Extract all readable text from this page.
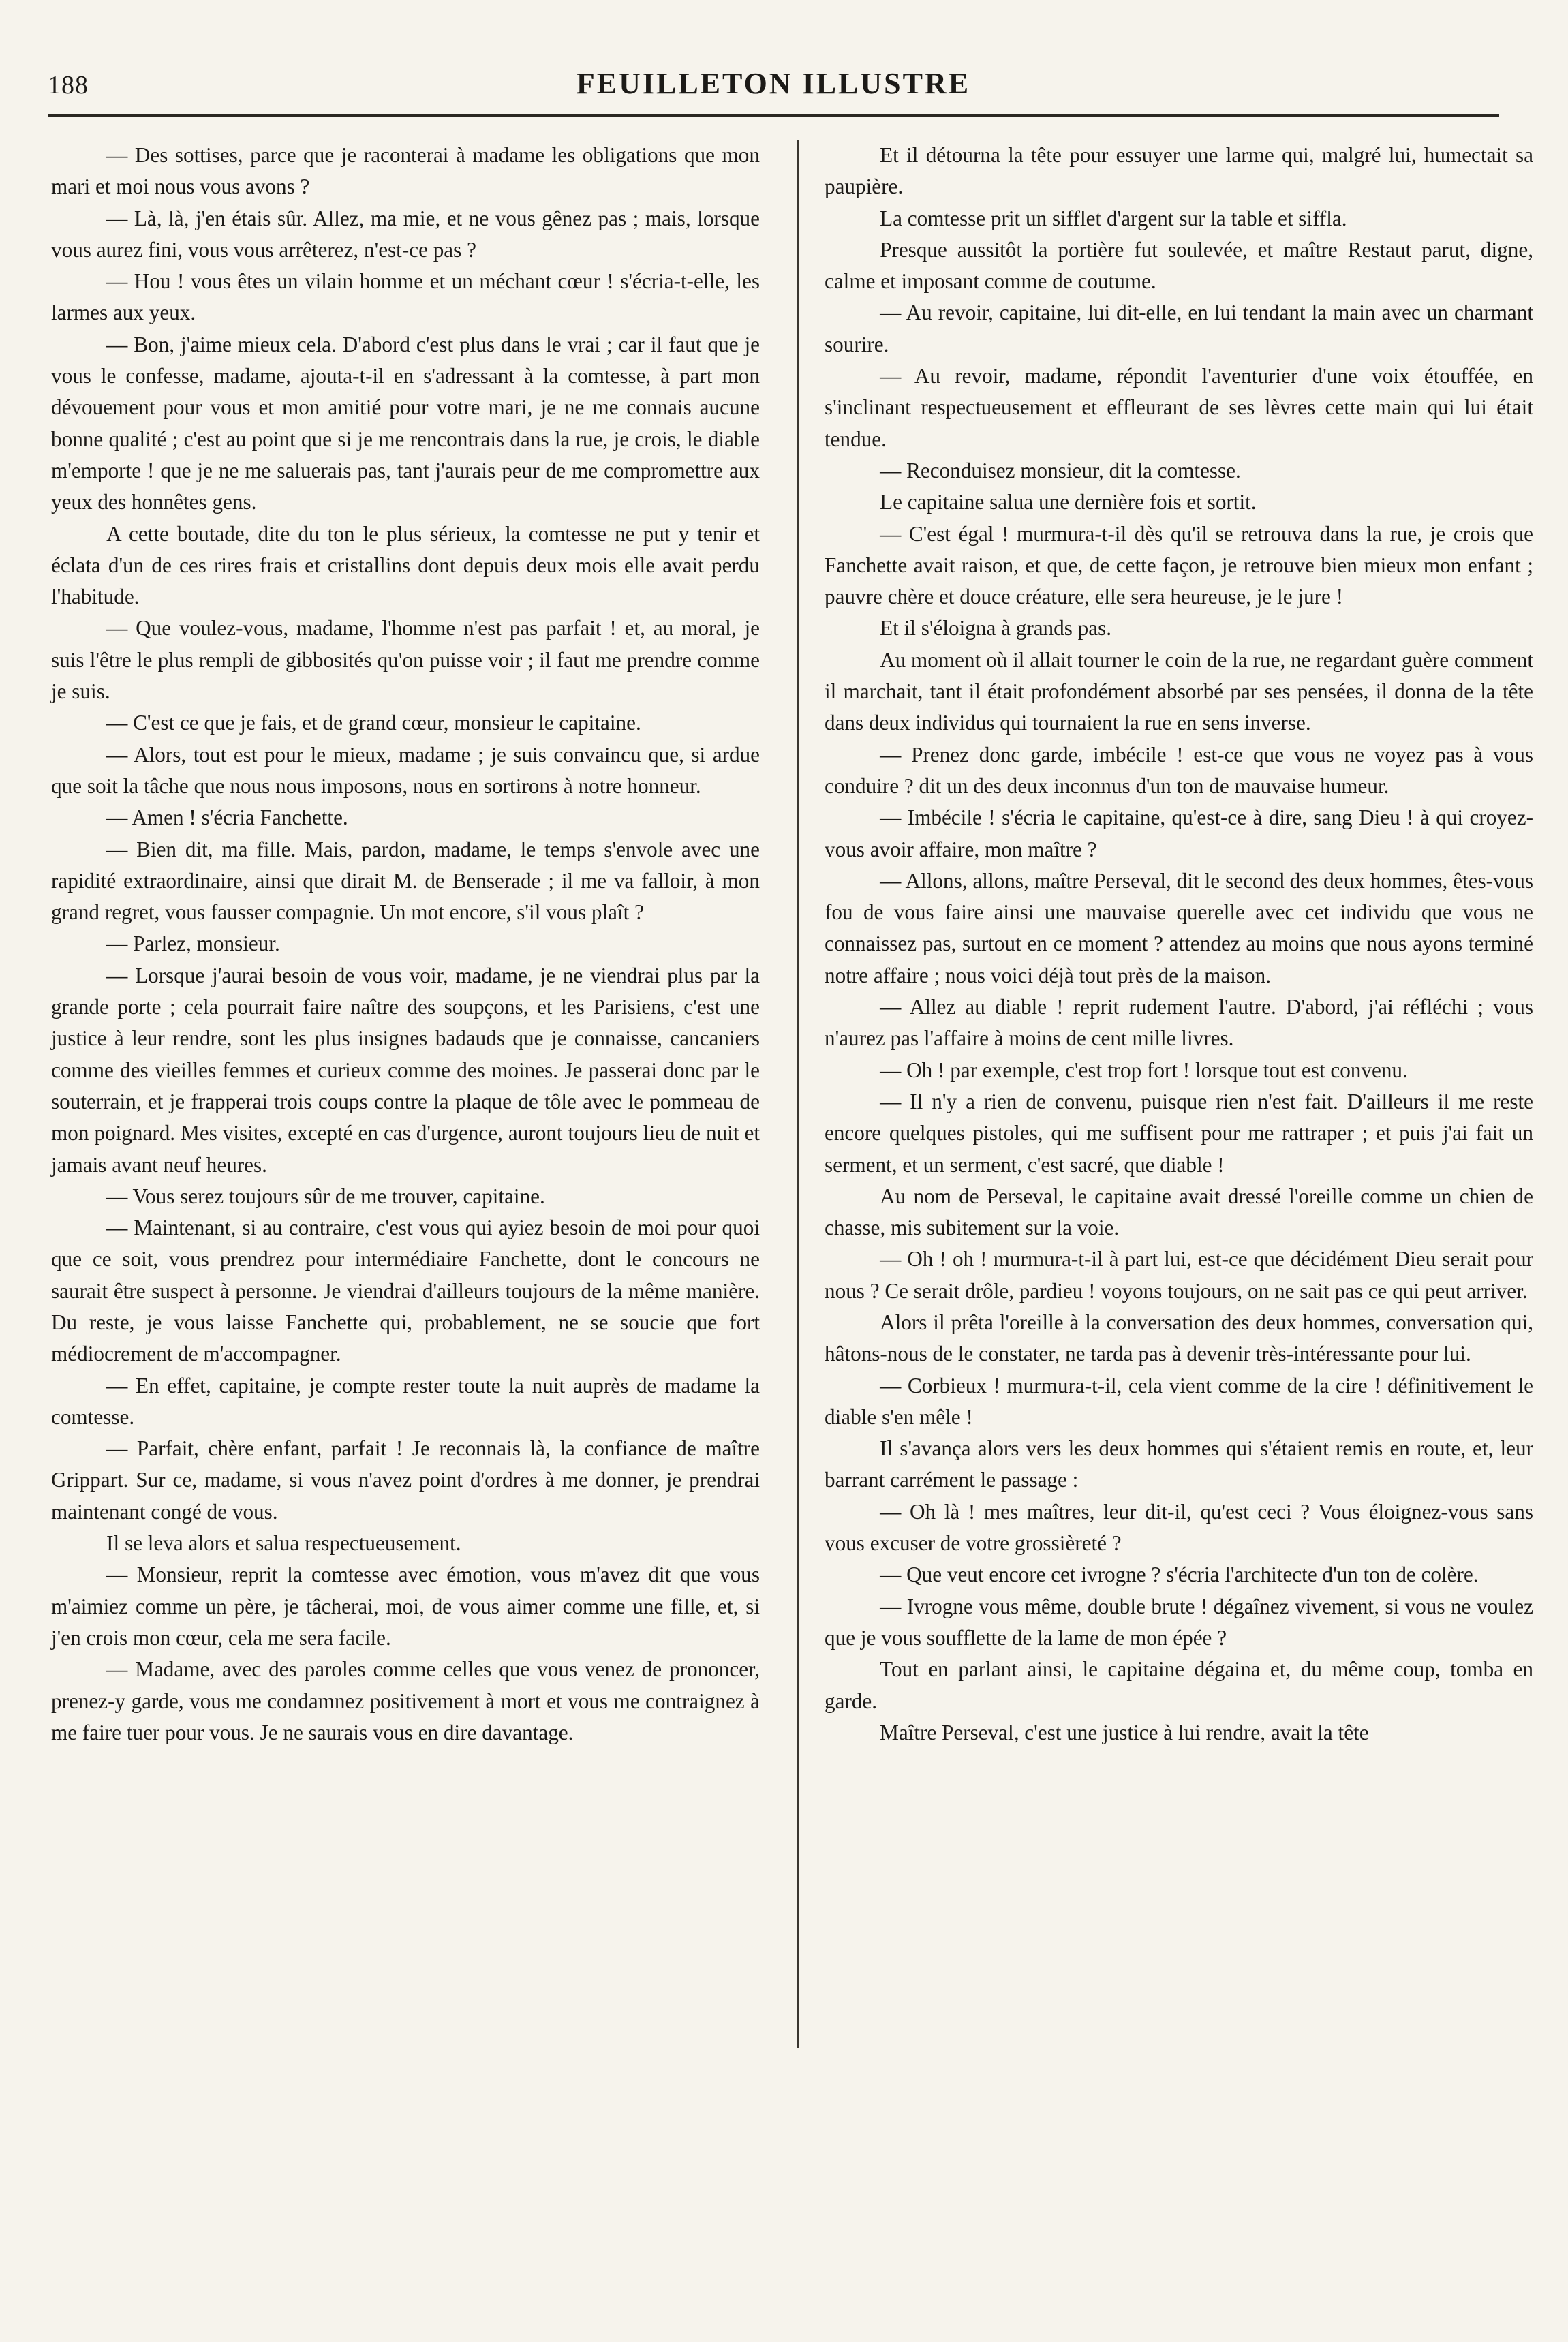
188	FEUILLETON ILLUSTRE

— Des sottises, parce que je raconterai à madame les obligations que mon mari et moi nous vous avons ?

— Là, là, j'en étais sûr. Allez, ma mie, et ne vous gênez pas ; mais, lorsque vous aurez fini, vous vous arrêterez, n'est-ce pas ?

— Hou ! vous êtes un vilain homme et un méchant cœur ! s'écria-t-elle, les larmes aux yeux.

— Bon, j'aime mieux cela. D'abord c'est plus dans le vrai ; car il faut que je vous le confesse, madame, ajouta-t-il en s'adressant à la comtesse, à part mon dévouement pour vous et mon amitié pour votre mari, je ne me connais aucune bonne qualité ; c'est au point que si je me rencontrais dans la rue, je crois, le diable m'emporte ! que je ne me saluerais pas, tant j'aurais peur de me compromettre aux yeux des honnêtes gens.

A cette boutade, dite du ton le plus sérieux, la comtesse ne put y tenir et éclata d'un de ces rires frais et cristallins dont depuis deux mois elle avait perdu l'habitude.

— Que voulez-vous, madame, l'homme n'est pas parfait ! et, au moral, je suis l'être le plus rempli de gibbosités qu'on puisse voir ; il faut me prendre comme je suis.

— C'est ce que je fais, et de grand cœur, monsieur le capitaine.

— Alors, tout est pour le mieux, madame ; je suis convaincu que, si ardue que soit la tâche que nous nous imposons, nous en sortirons à notre honneur.

— Amen ! s'écria Fanchette.

— Bien dit, ma fille. Mais, pardon, madame, le temps s'envole avec une rapidité extraordinaire, ainsi que dirait M. de Benserade ; il me va falloir, à mon grand regret, vous fausser compagnie. Un mot encore, s'il vous plaît ?

— Parlez, monsieur.

— Lorsque j'aurai besoin de vous voir, madame, je ne viendrai plus par la grande porte ; cela pourrait faire naître des soupçons, et les Parisiens, c'est une justice à leur rendre, sont les plus insignes badauds que je connaisse, cancaniers comme des vieilles femmes et curieux comme des moines. Je passerai donc par le souterrain, et je frapperai trois coups contre la plaque de tôle avec le pommeau de mon poignard. Mes visites, excepté en cas d'urgence, auront toujours lieu de nuit et jamais avant neuf heures.

— Vous serez toujours sûr de me trouver, capitaine.

— Maintenant, si au contraire, c'est vous qui ayiez besoin de moi pour quoi que ce soit, vous prendrez pour intermédiaire Fanchette, dont le concours ne saurait être suspect à personne. Je viendrai d'ailleurs toujours de la même manière. Du reste, je vous laisse Fanchette qui, probablement, ne se soucie que fort médiocrement de m'accompagner.

— En effet, capitaine, je compte rester toute la nuit auprès de madame la comtesse.

— Parfait, chère enfant, parfait ! Je reconnais là, la confiance de maître Grippart. Sur ce, madame, si vous n'avez point d'ordres à me donner, je prendrai maintenant congé de vous.

Il se leva alors et salua respectueusement.

— Monsieur, reprit la comtesse avec émotion, vous m'avez dit que vous m'aimiez comme un père, je tâcherai, moi, de vous aimer comme une fille, et, si j'en crois mon cœur, cela me sera facile.

— Madame, avec des paroles comme celles que vous venez de prononcer, prenez-y garde, vous me condamnez positivement à mort et vous me contraignez à me faire tuer pour vous. Je ne saurais vous en dire davantage.

Et il détourna la tête pour essuyer une larme qui, malgré lui, humectait sa paupière.

La comtesse prit un sifflet d'argent sur la table et siffla.

Presque aussitôt la portière fut soulevée, et maître Restaut parut, digne, calme et imposant comme de coutume.

— Au revoir, capitaine, lui dit-elle, en lui tendant la main avec un charmant sourire.

— Au revoir, madame, répondit l'aventurier d'une voix étouffée, en s'inclinant respectueusement et effleurant de ses lèvres cette main qui lui était tendue.

— Reconduisez monsieur, dit la comtesse.

Le capitaine salua une dernière fois et sortit.

— C'est égal ! murmura-t-il dès qu'il se retrouva dans la rue, je crois que Fanchette avait raison, et que, de cette façon, je retrouve bien mieux mon enfant ; pauvre chère et douce créature, elle sera heureuse, je le jure !

Et il s'éloigna à grands pas.

Au moment où il allait tourner le coin de la rue, ne regardant guère comment il marchait, tant il était profondément absorbé par ses pensées, il donna de la tête dans deux individus qui tournaient la rue en sens inverse.

— Prenez donc garde, imbécile ! est-ce que vous ne voyez pas à vous conduire ? dit un des deux inconnus d'un ton de mauvaise humeur.

— Imbécile ! s'écria le capitaine, qu'est-ce à dire, sang Dieu ! à qui croyez-vous avoir affaire, mon maître ?

— Allons, allons, maître Perseval, dit le second des deux hommes, êtes-vous fou de vous faire ainsi une mauvaise querelle avec cet individu que vous ne connaissez pas, surtout en ce moment ? attendez au moins que nous ayons terminé notre affaire ; nous voici déjà tout près de la maison.

— Allez au diable ! reprit rudement l'autre. D'abord, j'ai réfléchi ; vous n'aurez pas l'affaire à moins de cent mille livres.

— Oh ! par exemple, c'est trop fort ! lorsque tout est convenu.

— Il n'y a rien de convenu, puisque rien n'est fait. D'ailleurs il me reste encore quelques pistoles, qui me suffisent pour me rattraper ; et puis j'ai fait un serment, et un serment, c'est sacré, que diable !

Au nom de Perseval, le capitaine avait dressé l'oreille comme un chien de chasse, mis subitement sur la voie.

— Oh ! oh ! murmura-t-il à part lui, est-ce que décidément Dieu serait pour nous ? Ce serait drôle, pardieu ! voyons toujours, on ne sait pas ce qui peut arriver.

Alors il prêta l'oreille à la conversation des deux hommes, conversation qui, hâtons-nous de le constater, ne tarda pas à devenir très-intéressante pour lui.

— Corbieux ! murmura-t-il, cela vient comme de la cire ! définitivement le diable s'en mêle !

Il s'avança alors vers les deux hommes qui s'étaient remis en route, et, leur barrant carrément le passage :

— Oh là ! mes maîtres, leur dit-il, qu'est ceci ? Vous éloignez-vous sans vous excuser de votre grossièreté ?

— Que veut encore cet ivrogne ? s'écria l'architecte d'un ton de colère.

— Ivrogne vous même, double brute ! dégaînez vivement, si vous ne voulez que je vous soufflette de la lame de mon épée ?

Tout en parlant ainsi, le capitaine dégaina et, du même coup, tomba en garde.

Maître Perseval, c'est une justice à lui rendre, avait la tête
